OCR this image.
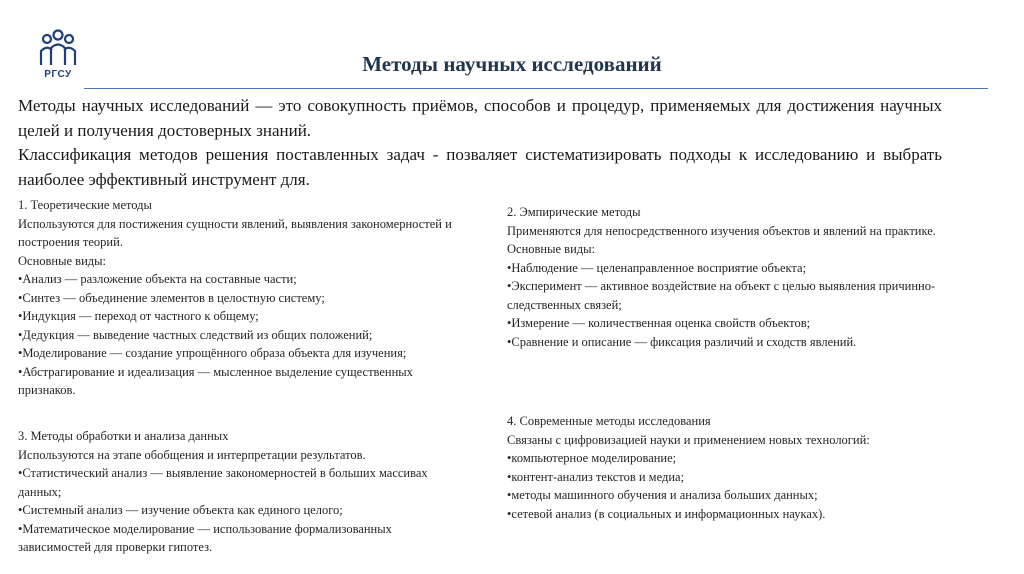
РГСУ	Методы научных исследований

Методы научных исследований — это совокупность приёмов, способов и процедур, применяемых для достижения научных целей и получения достоверных знаний.

Классификация методов решения поставленных задач - позваляет систематизировать подходы к исследованию и выбрать наиболее эффективный инструмент для.

1. Теоретические методы
Используются для постижения сущности явлений, выявления закономерностей и построения теорий.
Основные виды:
•Анализ — разложение объекта на составные части;
•Синтез — объединение элементов в целостную систему;
•Индукция — переход от частного к общему;
•Дедукция — выведение частных следствий из общих положений;
•Моделирование — создание упрощённого образа объекта для изучения;
•Абстрагирование и идеализация — мысленное выделение существенных признаков.
2. Эмпирические методы
Применяются для непосредственного изучения объектов и явлений на практике.
Основные виды:
•Наблюдение — целенаправленное восприятие объекта;
•Эксперимент — активное воздействие на объект с целью выявления причинно-следственных связей;
•Измерение — количественная оценка свойств объектов;
•Сравнение и описание — фиксация различий и сходств явлений.
3. Методы обработки и анализа данных
Используются на этапе обобщения и интерпретации результатов.
•Статистический анализ — выявление закономерностей в больших массивах данных;
•Системный анализ — изучение объекта как единого целого;
•Математическое моделирование — использование формализованных зависимостей для проверки гипотез.
4. Современные методы исследования
Связаны с цифровизацией науки и применением новых технологий:
•компьютерное моделирование;
•контент-анализ текстов и медиа;
•методы машинного обучения и анализа больших данных;
•сетевой анализ (в социальных и информационных науках).
